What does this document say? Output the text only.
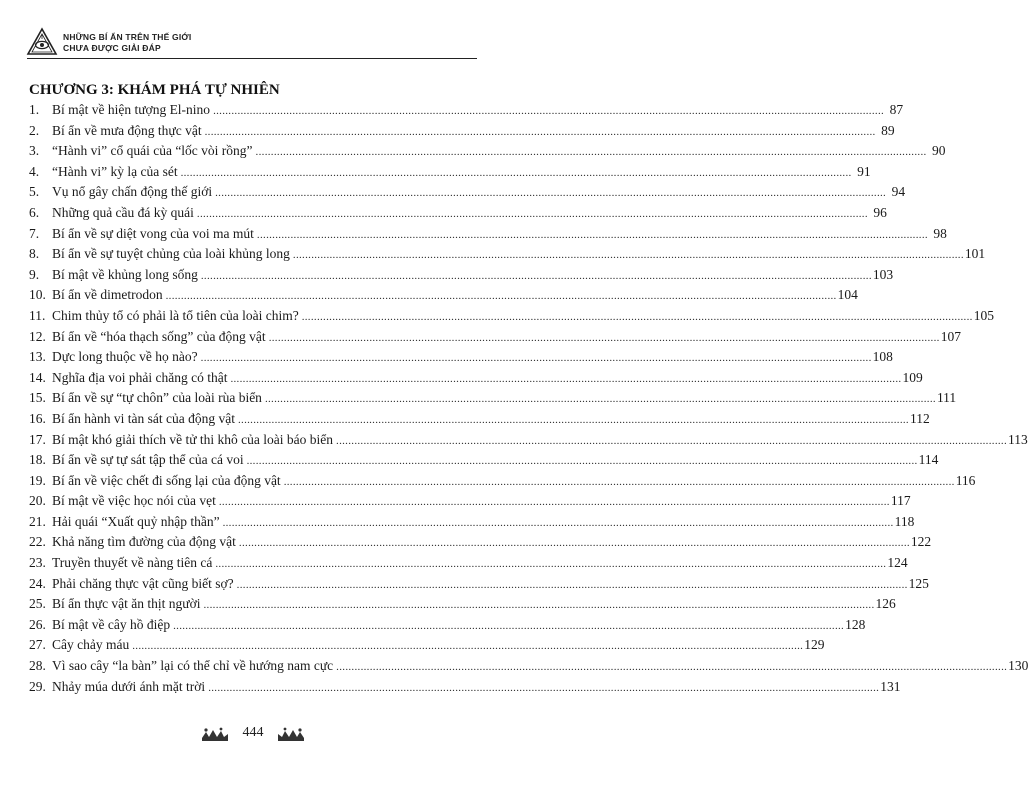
NHỮNG BÍ ẨN TRÊN THẾ GIỚI
CHƯA ĐƯỢC GIẢI ĐÁP
CHƯƠNG 3: KHÁM PHÁ TỰ NHIÊN
1. Bí mật về hiện tượng El-nino ............................................................................................................................................................................................................................ 87
2. Bí ẩn về mưa động thực vật ............................................................................................................................................................................................................................ 89
3. “Hành vi” cổ quái của “lốc vòi rồng” ............................................................................................................................................................................................................................ 90
4. “Hành vi” kỳ lạ của sét ............................................................................................................................................................................................................................ 91
5. Vụ nổ gây chấn động thế giới ............................................................................................................................................................................................................................ 94
6. Những quả cầu đá kỳ quái ............................................................................................................................................................................................................................ 96
7. Bí ẩn về sự diệt vong của voi ma mút ............................................................................................................................................................................................................................ 98
8. Bí ẩn về sự tuyệt chủng của loài khủng long ............................................................................................................................................................................................................................ 101
9. Bí mật về khủng long sống ............................................................................................................................................................................................................................ 103
10. Bí ẩn về dimetrodon ............................................................................................................................................................................................................................ 104
11. Chim thủy tổ có phải là tổ tiên của loài chim? ............................................................................................................................................................................................................................ 105
12. Bí ẩn về “hóa thạch sống” của động vật ............................................................................................................................................................................................................................ 107
13. Dực long thuộc về họ nào? ............................................................................................................................................................................................................................ 108
14. Nghĩa địa voi phải chăng có thật ............................................................................................................................................................................................................................ 109
15. Bí ẩn về sự “tự chôn” của loài rùa biển ............................................................................................................................................................................................................................ 111
16. Bí ẩn hành vi tàn sát của động vật ............................................................................................................................................................................................................................ 112
17. Bí mật khó giải thích về tử thi khô của loài báo biển ............................................................................................................................................................................................................................ 113
18. Bí ẩn về sự tự sát tập thể của cá voi ............................................................................................................................................................................................................................ 114
19. Bí ẩn về việc chết đi sống lại của động vật ............................................................................................................................................................................................................................ 116
20. Bí mật về việc học nói của vẹt ............................................................................................................................................................................................................................ 117
21. Hải quái “Xuất quỷ nhập thần” ............................................................................................................................................................................................................................ 118
22. Khả năng tìm đường của động vật ............................................................................................................................................................................................................................ 122
23. Truyền thuyết về nàng tiên cá ............................................................................................................................................................................................................................ 124
24. Phải chăng thực vật cũng biết sợ? ............................................................................................................................................................................................................................ 125
25. Bí ẩn thực vật ăn thịt người ............................................................................................................................................................................................................................ 126
26. Bí mật về cây hồ điệp ............................................................................................................................................................................................................................ 128
27. Cây chảy máu ............................................................................................................................................................................................................................ 129
28. Vì sao cây “la bàn” lại có thể chỉ về hướng nam cực ............................................................................................................................................................................................................................ 130
29. Nhảy múa dưới ánh mặt trời ............................................................................................................................................................................................................................ 131
444
